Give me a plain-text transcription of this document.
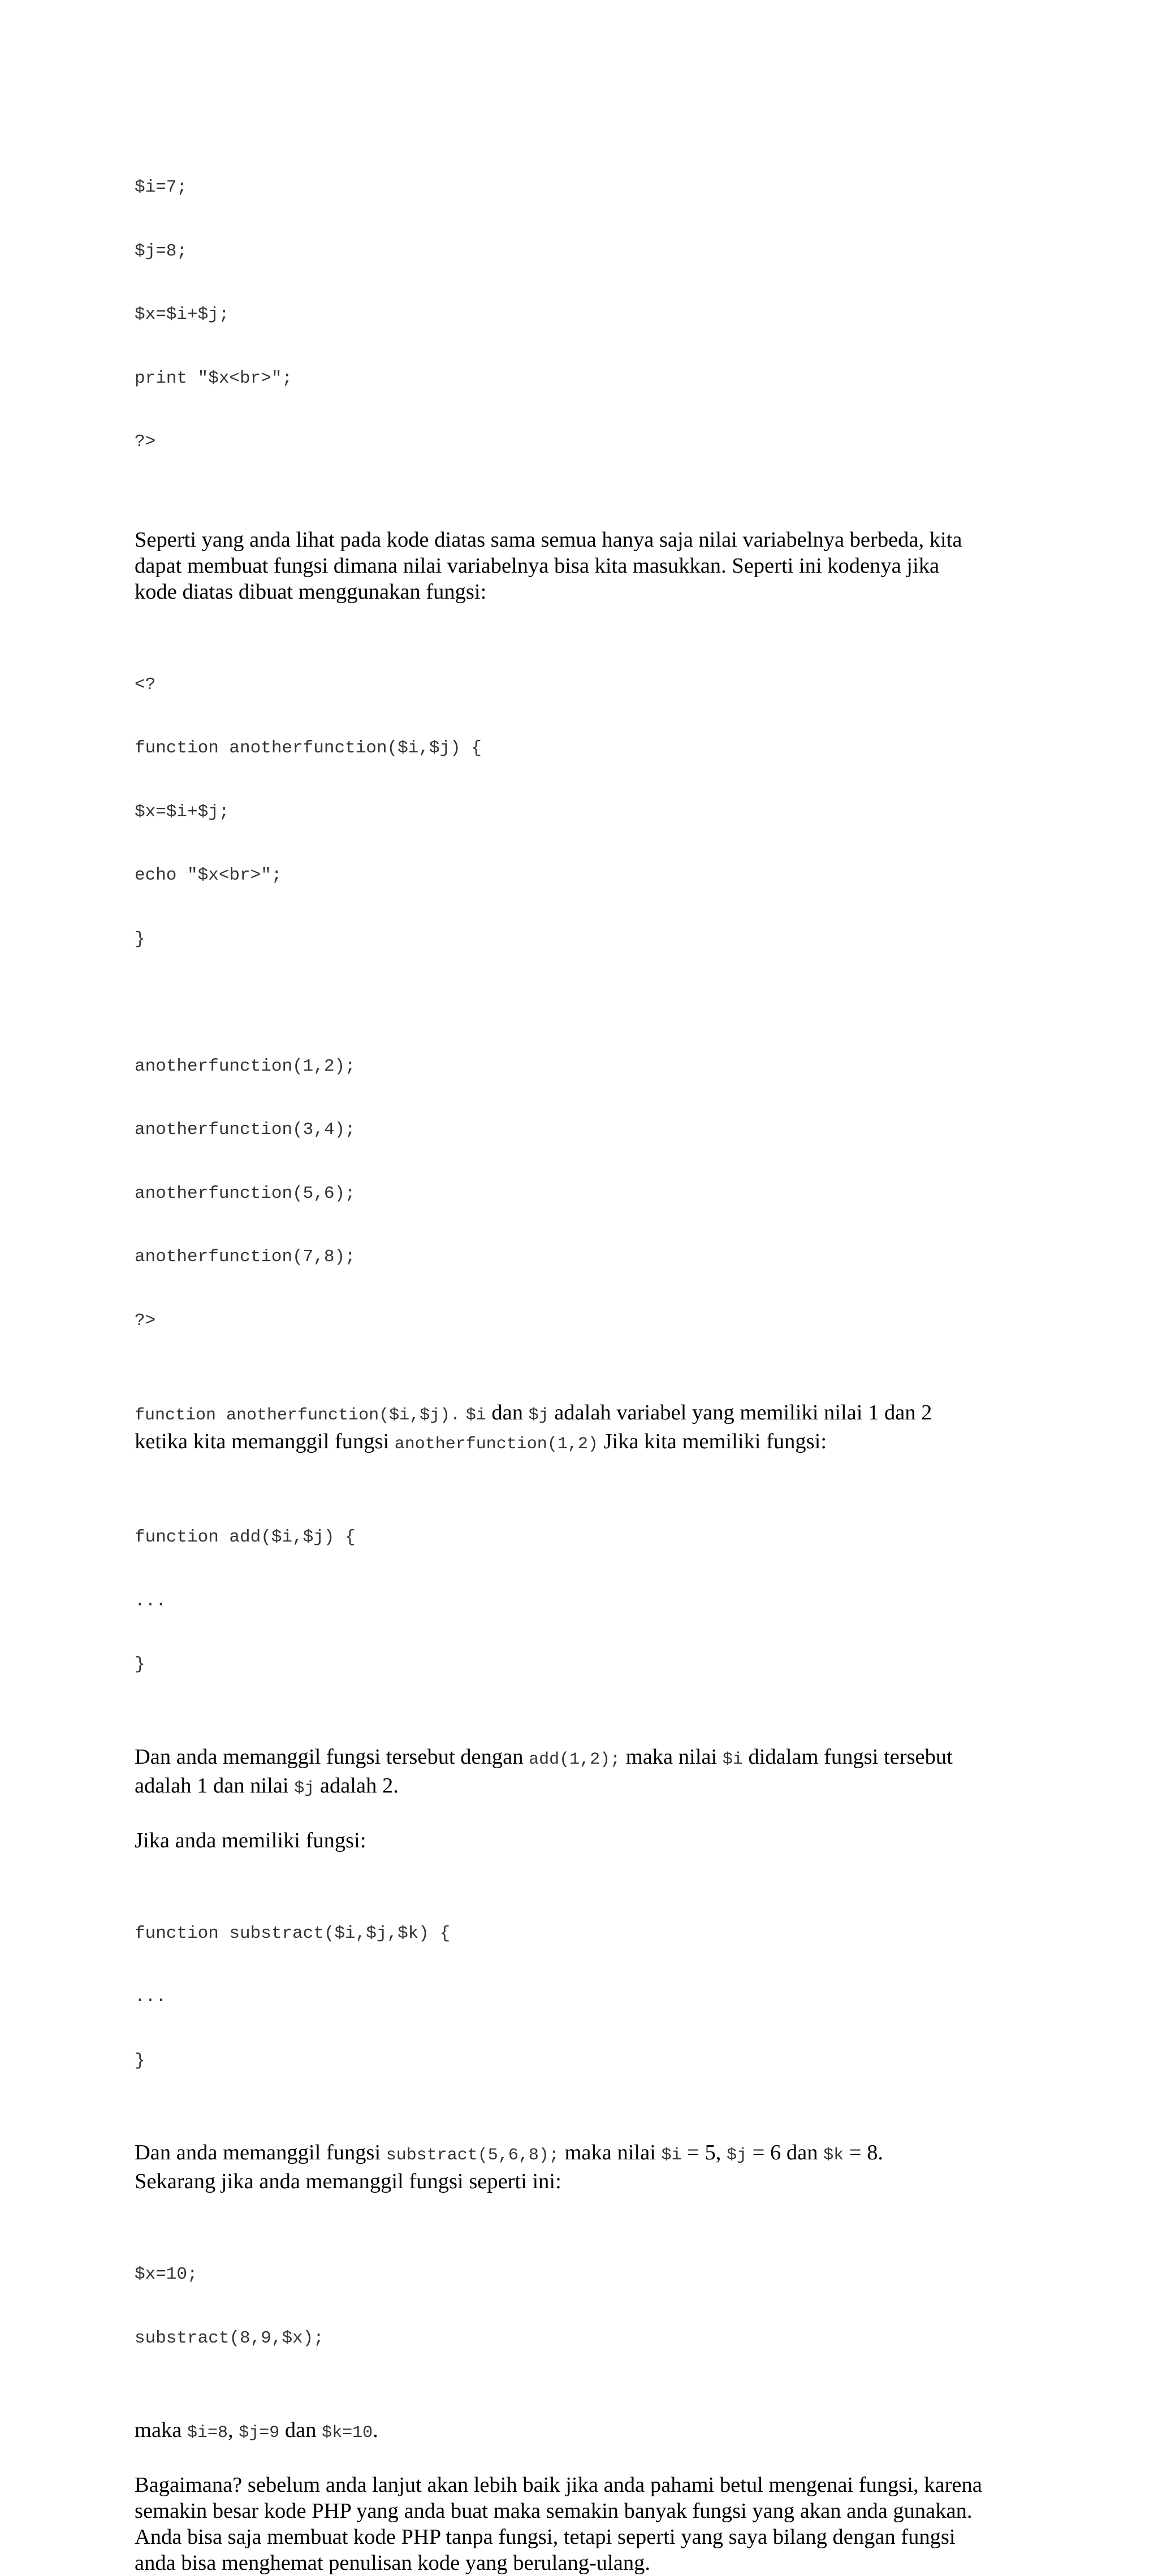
$i=7;

$j=8;

$x=$i+$j;

print "$x<br>";

?>

Seperti yang anda lihat pada kode diatas sama semua hanya saja nilai variabelnya berbeda, kita
dapat membuat fungsi dimana nilai variabelnya bisa kita masukkan. Seperti ini kodenya jika
kode diatas dibuat menggunakan fungsi:

<?

function anotherfunction($i,$j) {

$x=$i+$j;

echo "$x<br>";

}

anotherfunction(1,2);

anotherfunction(3,4);

anotherfunction(5,6);

anotherfunction(7,8);

?>

function anotherfunction($i,$j). $i dan $j adalah variabel yang memiliki nilai 1 dan 2
ketika kita memanggil fungsi anotherfunction(1,2) Jika kita memiliki fungsi:

function add($i,$j) {

...

}

Dan anda memanggil fungsi tersebut dengan add(1,2); maka nilai $i didalam fungsi tersebut
adalah 1 dan nilai $j adalah 2.
Jika anda memiliki fungsi:

function substract($i,$j,$k) {

...

}

Dan anda memanggil fungsi substract(5,6,8); maka nilai $i = 5, $j = 6 dan $k = 8.
Sekarang jika anda memanggil fungsi seperti ini:

$x=10;

substract(8,9,$x);

maka $i=8, $j=9 dan $k=10.
Bagaimana? sebelum anda lanjut akan lebih baik jika anda pahami betul mengenai fungsi, karena
semakin besar kode PHP yang anda buat maka semakin banyak fungsi yang akan anda gunakan.
Anda bisa saja membuat kode PHP tanpa fungsi, tetapi seperti yang saya bilang dengan fungsi
anda bisa menghemat penulisan kode yang berulang-ulang.
